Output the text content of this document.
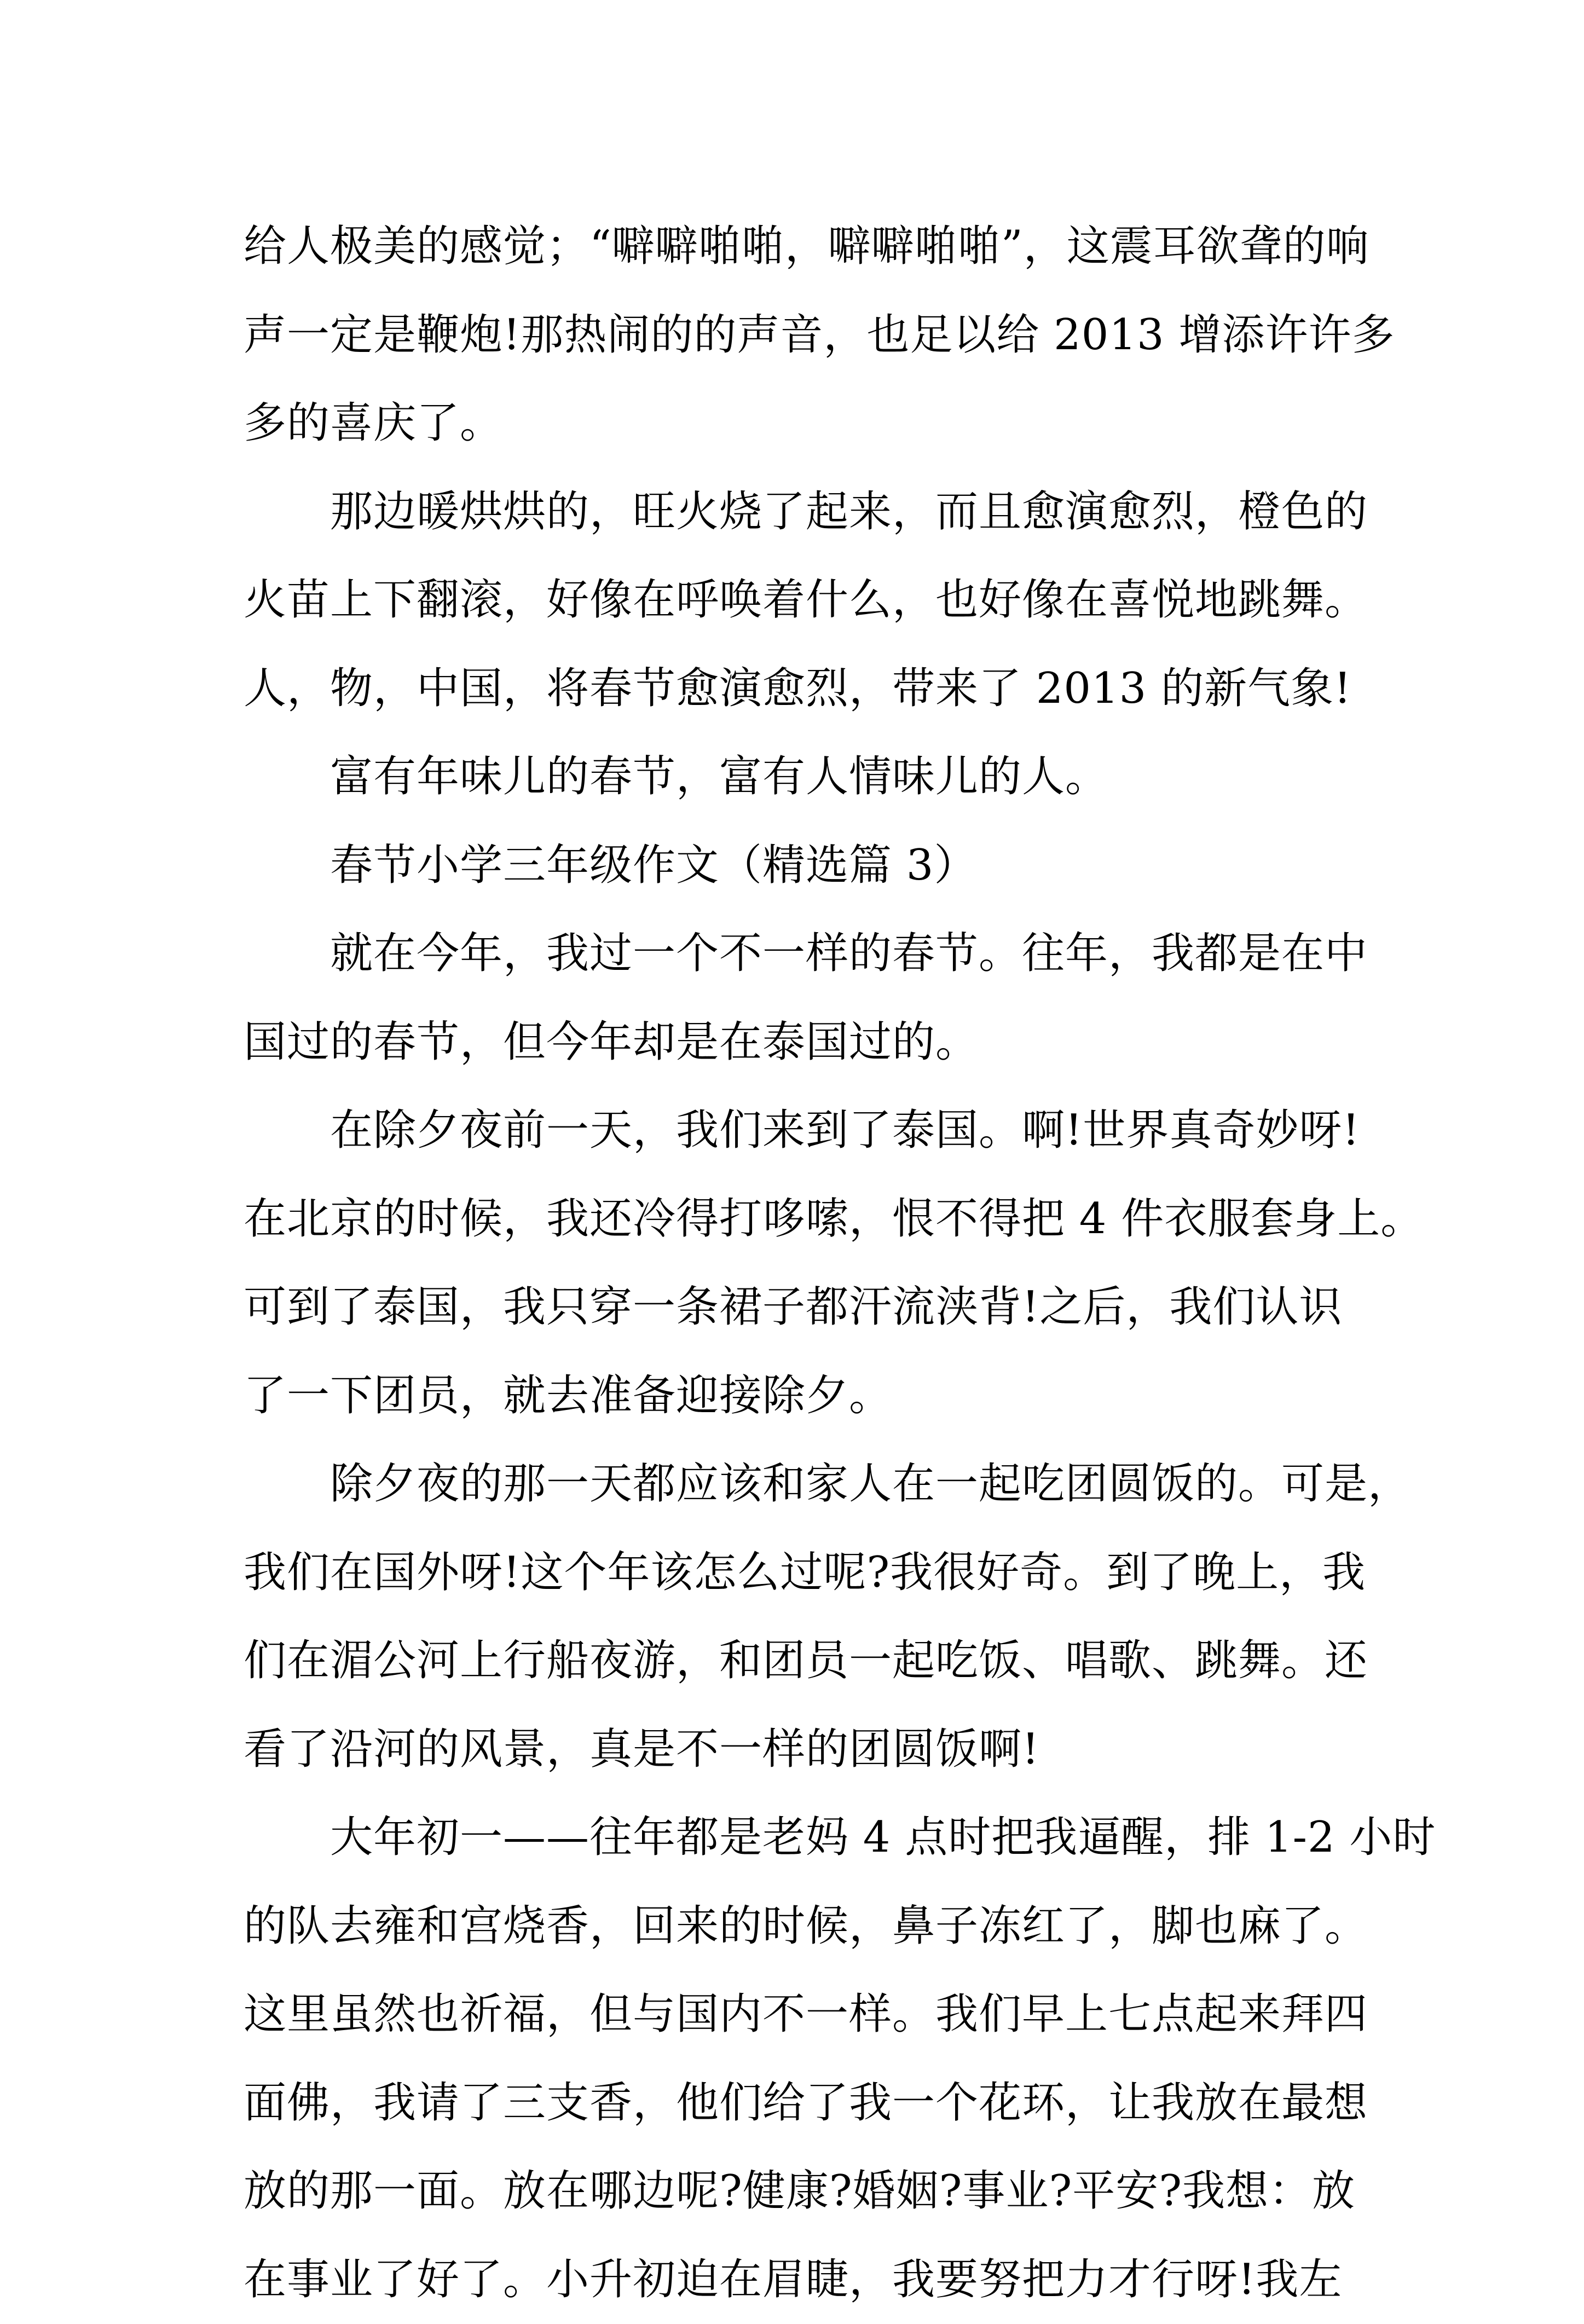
给人极美的感觉；“噼噼啪啪，噼噼啪啪”，这震耳欲聋的响
声一定是鞭炮!那热闹的的声音，也足以给 2013 增添许许多
多的喜庆了。
　　那边暖烘烘的，旺火烧了起来，而且愈演愈烈，橙色的
火苗上下翻滚，好像在呼唤着什么，也好像在喜悦地跳舞。
人，物，中国，将春节愈演愈烈，带来了 2013 的新气象!
　　富有年味儿的春节，富有人情味儿的人。
　　春节小学三年级作文（精选篇 3）
　　就在今年，我过一个不一样的春节。往年，我都是在中
国过的春节，但今年却是在泰国过的。
　　在除夕夜前一天，我们来到了泰国。啊!世界真奇妙呀!
在北京的时候，我还冷得打哆嗦，恨不得把 4 件衣服套身上。
可到了泰国，我只穿一条裙子都汗流浃背!之后，我们认识
了一下团员，就去准备迎接除夕。
　　除夕夜的那一天都应该和家人在一起吃团圆饭的。可是，
我们在国外呀!这个年该怎么过呢?我很好奇。到了晚上，我
们在湄公河上行船夜游，和团员一起吃饭、唱歌、跳舞。还
看了沿河的风景，真是不一样的团圆饭啊!
　　大年初一——往年都是老妈 4 点时把我逼醒，排 1-2 小时
的队去雍和宫烧香，回来的时候，鼻子冻红了，脚也麻了。
这里虽然也祈福，但与国内不一样。我们早上七点起来拜四
面佛，我请了三支香，他们给了我一个花环，让我放在最想
放的那一面。放在哪边呢?健康?婚姻?事业?平安?我想：放
在事业了好了。小升初迫在眉睫，我要努把力才行呀!我左
